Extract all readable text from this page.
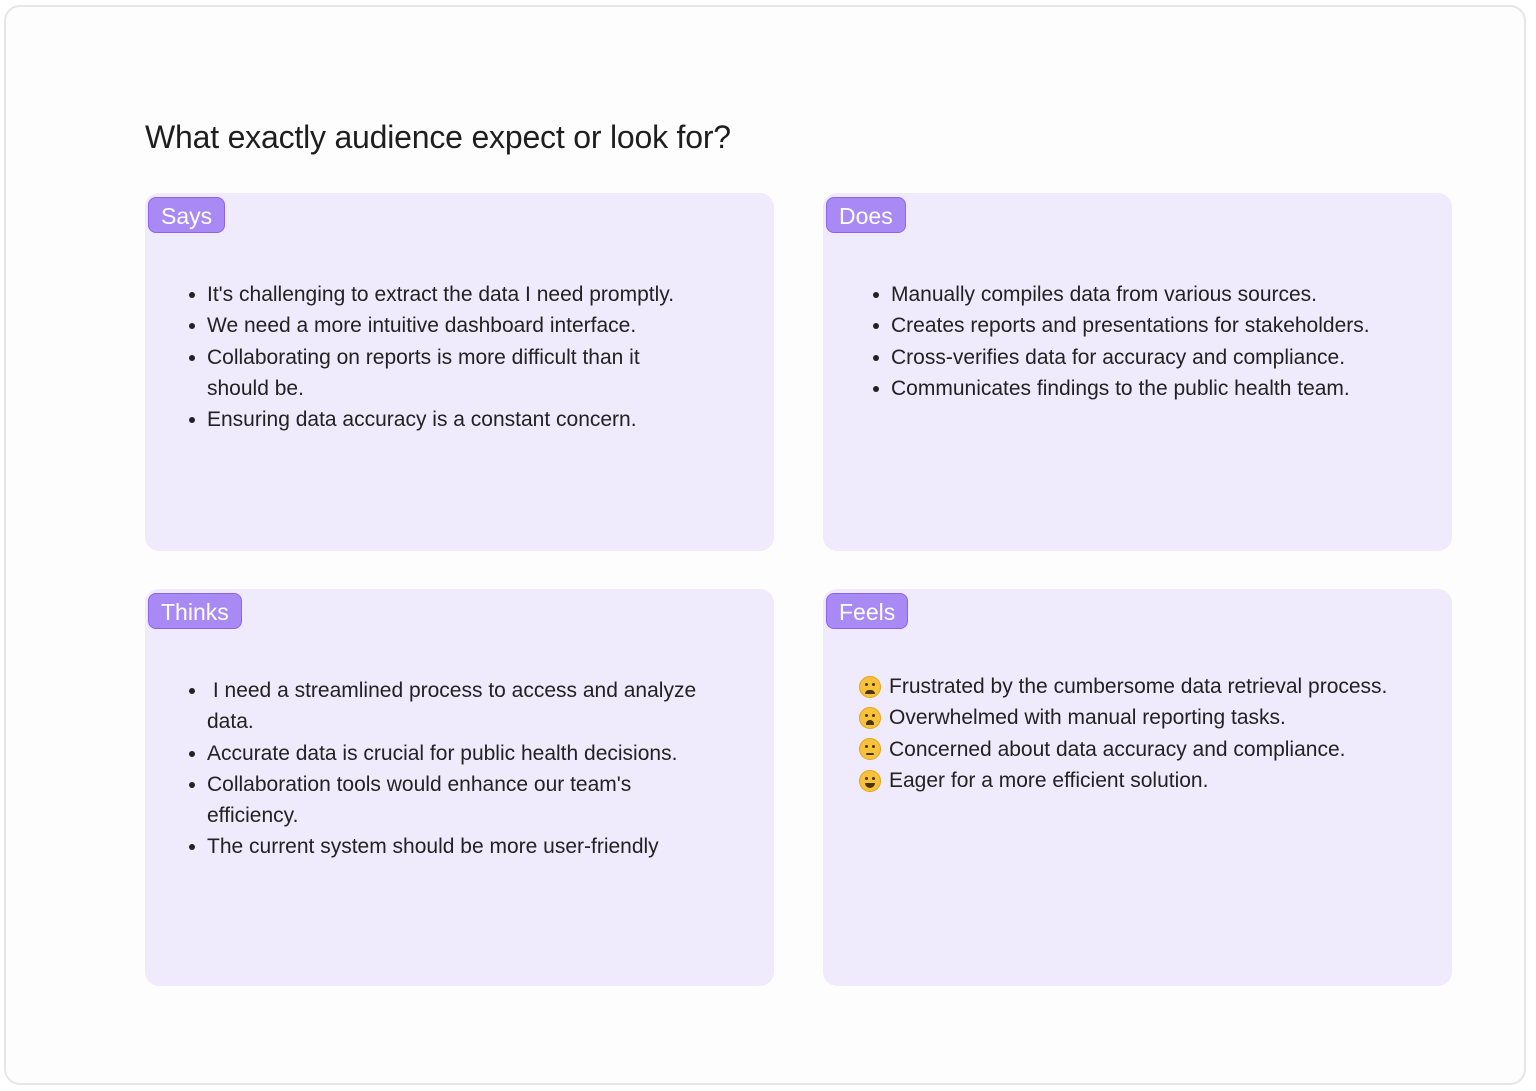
What exactly audience expect or look for?
Says
It's challenging to extract the data I need promptly.
We need a more intuitive dashboard interface.
Collaborating on reports is more difficult than it should be.
Ensuring data accuracy is a constant concern.
Does
Manually compiles data from various sources.
Creates reports and presentations for stakeholders.
Cross-verifies data for accuracy and compliance.
Communicates findings to the public health team.
Thinks
I need a streamlined process to access and analyze data.
Accurate data is crucial for public health decisions.
Collaboration tools would enhance our team's efficiency.
The current system should be more user-friendly
Feels
Frustrated by the cumbersome data retrieval process.
Overwhelmed with manual reporting tasks.
Concerned about data accuracy and compliance.
Eager for a more efficient solution.
